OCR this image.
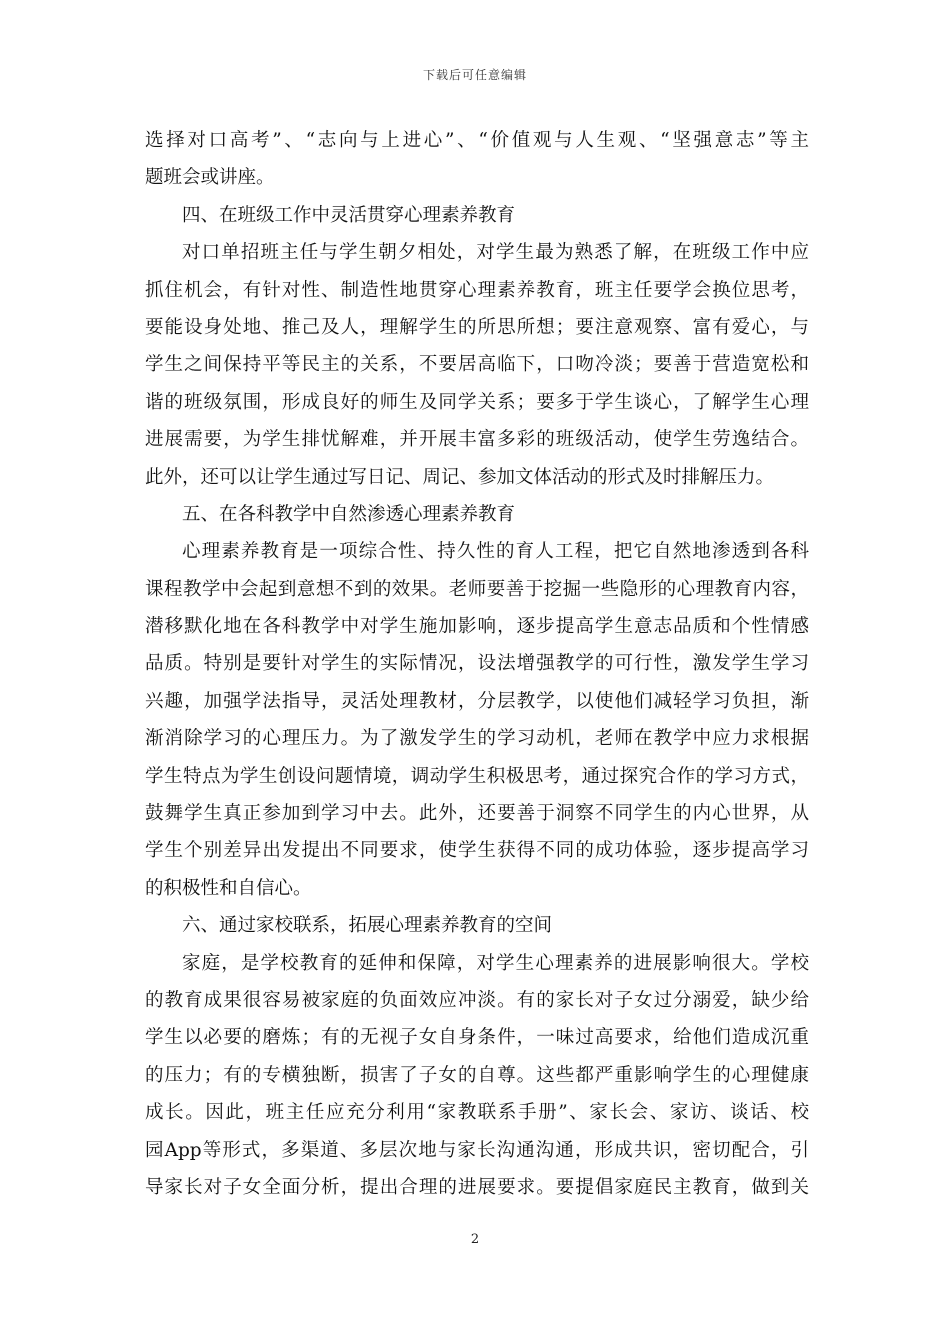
下载后可任意编辑
选择对口高考”、“志向与上进心”、“价值观与人生观、“坚强意志”等主
题班会或讲座。
四、在班级工作中灵活贯穿心理素养教育
对口单招班主任与学生朝夕相处，对学生最为熟悉了解，在班级工作中应
抓住机会，有针对性、制造性地贯穿心理素养教育，班主任要学会换位思考，
要能设身处地、推己及人，理解学生的所思所想；要注意观察、富有爱心，与
学生之间保持平等民主的关系，不要居高临下，口吻冷淡；要善于营造宽松和
谐的班级氛围，形成良好的师生及同学关系；要多于学生谈心，了解学生心理
进展需要，为学生排忧解难，并开展丰富多彩的班级活动，使学生劳逸结合。
此外，还可以让学生通过写日记、周记、参加文体活动的形式及时排解压力。
五、在各科教学中自然渗透心理素养教育
心理素养教育是一项综合性、持久性的育人工程，把它自然地渗透到各科
课程教学中会起到意想不到的效果。老师要善于挖掘一些隐形的心理教育内容，
潜移默化地在各科教学中对学生施加影响，逐步提高学生意志品质和个性情感
品质。特别是要针对学生的实际情况，设法增强教学的可行性，激发学生学习
兴趣，加强学法指导，灵活处理教材，分层教学，以使他们减轻学习负担，渐
渐消除学习的心理压力。为了激发学生的学习动机，老师在教学中应力求根据
学生特点为学生创设问题情境，调动学生积极思考，通过探究合作的学习方式，
鼓舞学生真正参加到学习中去。此外，还要善于洞察不同学生的内心世界，从
学生个别差异出发提出不同要求，使学生获得不同的成功体验，逐步提高学习
的积极性和自信心。
六、通过家校联系，拓展心理素养教育的空间
家庭，是学校教育的延伸和保障，对学生心理素养的进展影响很大。学校
的教育成果很容易被家庭的负面效应冲淡。有的家长对子女过分溺爱，缺少给
学生以必要的磨炼；有的无视子女自身条件，一味过高要求，给他们造成沉重
的压力；有的专横独断，损害了子女的自尊。这些都严重影响学生的心理健康
成长。因此，班主任应充分利用“家教联系手册”、家长会、家访、谈话、校
园App等形式，多渠道、多层次地与家长沟通沟通，形成共识，密切配合，引
导家长对子女全面分析，提出合理的进展要求。要提倡家庭民主教育，做到关
2
